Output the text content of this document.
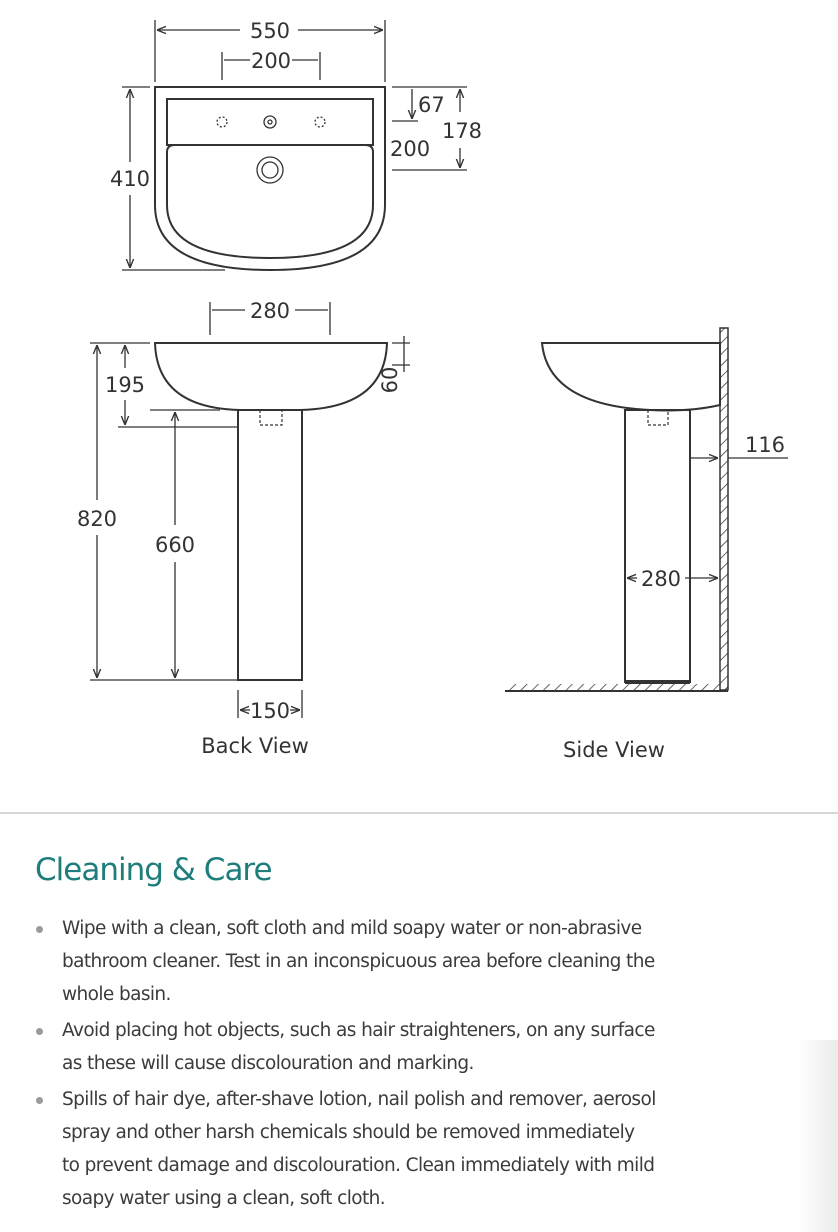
550
200
410
67
178
200
280
195
820
660
60
150
Back View
116
280
Side View
Cleaning & Care
Wipe with a clean, soft cloth and mild soapy water or non-abrasive bathroom cleaner. Test in an inconspicuous area before cleaning the whole basin.
Avoid placing hot objects, such as hair straighteners, on any surface as these will cause discolouration and marking.
Spills of hair dye, after-shave lotion, nail polish and remover, aerosol spray and other harsh chemicals should be removed immediately to prevent damage and discolouration. Clean immediately with mild soapy water using a clean, soft cloth.
